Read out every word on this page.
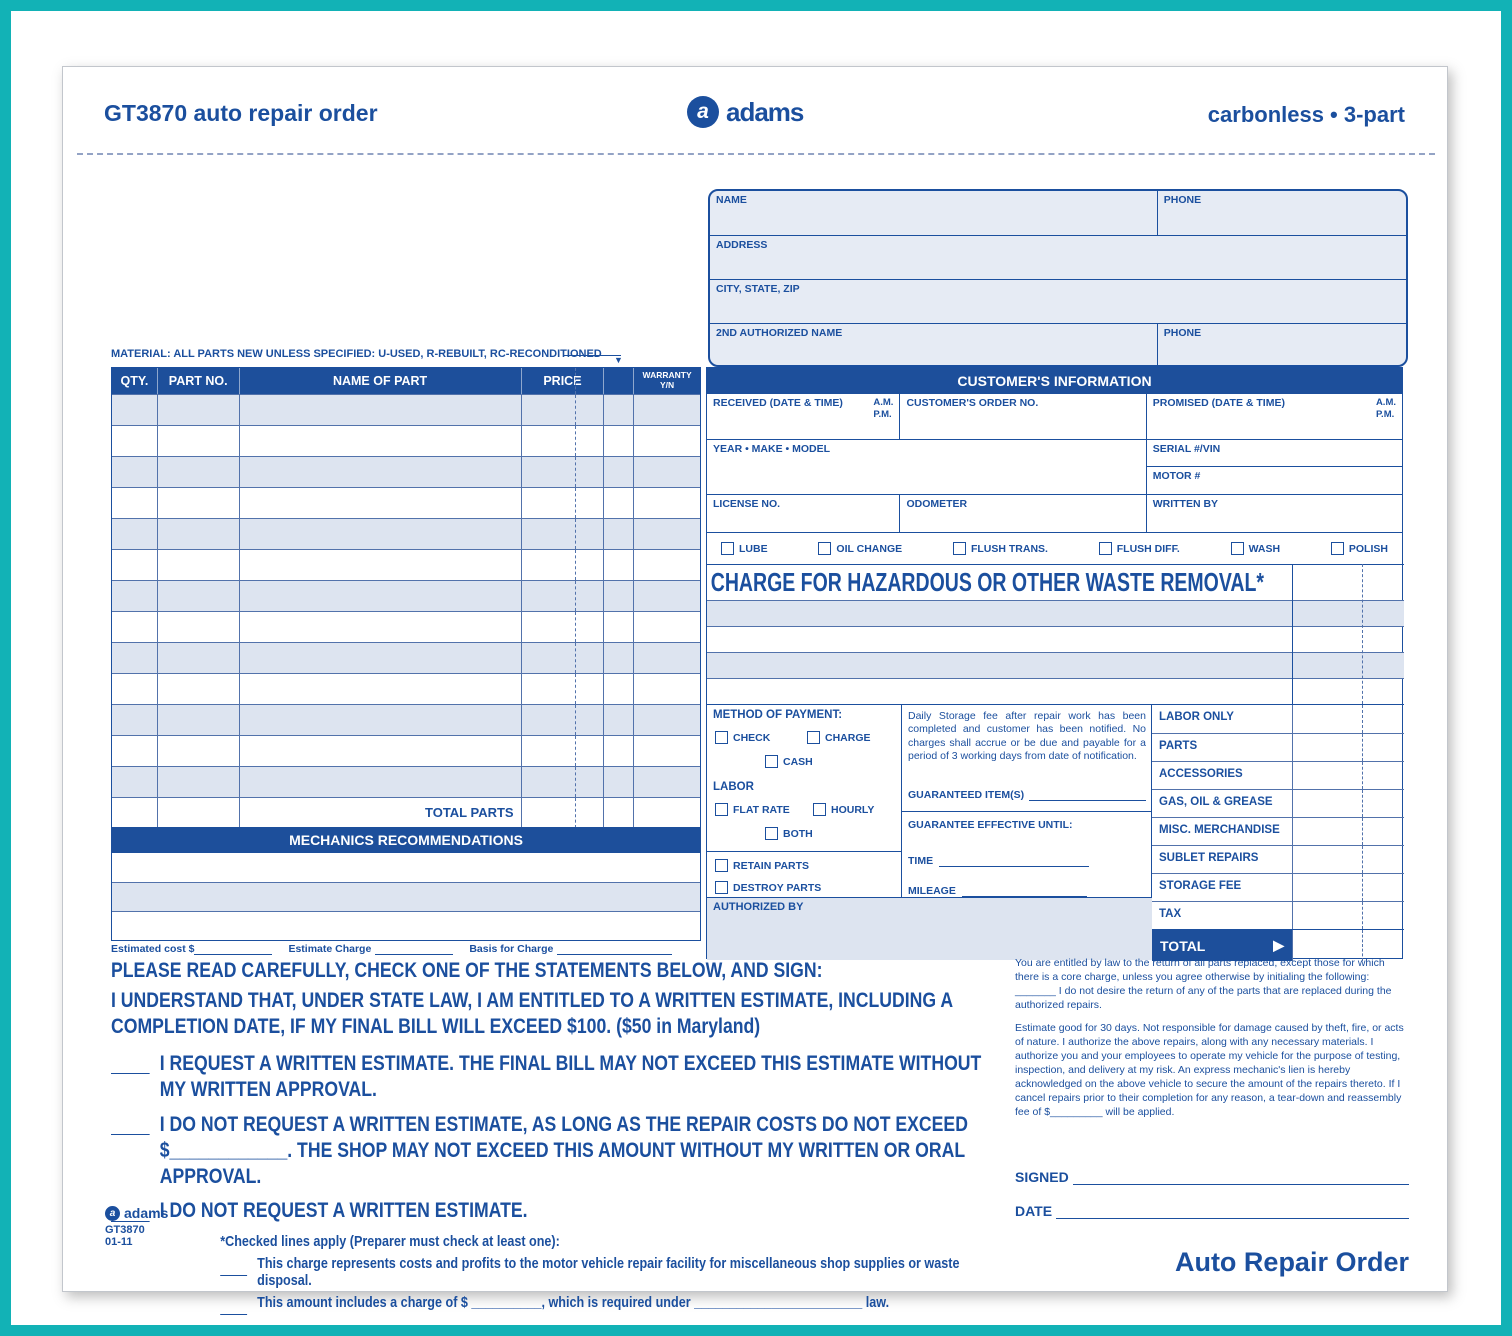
GT3870 auto repair order	a adams	carbonless • 3-part
NAME	PHONE
ADDRESS
CITY, STATE, ZIP
2ND AUTHORIZED NAME	PHONE
MATERIAL: ALL PARTS NEW UNLESS SPECIFIED: U-USED, R-REBUILT, RC-RECONDITIONED ▼
QTY.	PART NO.	NAME OF PART	PRICE	WARRANTY
Y/N
TOTAL PARTS
MECHANICS RECOMMENDATIONS
Estimated cost $	Estimate Charge	Basis for Charge
CUSTOMER'S INFORMATION
RECEIVED (DATE & TIME)	A.M.
P.M.
CUSTOMER'S ORDER NO.	PROMISED (DATE & TIME)	A.M.
P.M.
YEAR • MAKE • MODEL	SERIAL #/VIN
MOTOR #
LICENSE NO.	ODOMETER	WRITTEN BY
LUBE	OIL CHANGE	FLUSH TRANS.	FLUSH DIFF.	WASH	POLISH
CHARGE FOR HAZARDOUS OR OTHER WASTE REMOVAL*
METHOD OF PAYMENT:
CHECK	CHARGE
CASH
LABOR
FLAT RATE	HOURLY
BOTH
RETAIN PARTS
DESTROY PARTS

Daily Storage fee after repair work has been completed and customer has been notified. No charges shall accrue or be due and payable for a period of 3 working days from date of notification.

GUARANTEED ITEM(S)
GUARANTEE EFFECTIVE UNTIL:
TIME
MILEAGE
LABOR ONLY
PARTS
ACCESSORIES
GAS, OIL & GREASE
MISC. MERCHANDISE
SUBLET REPAIRS
STORAGE FEE
TAX
TOTAL	▶
AUTHORIZED BY
PLEASE READ CAREFULLY, CHECK ONE OF THE STATEMENTS BELOW, AND SIGN:
I UNDERSTAND THAT, UNDER STATE LAW, I AM ENTITLED TO A WRITTEN ESTIMATE, INCLUDING A COMPLETION DATE, IF MY FINAL BILL WILL EXCEED $100. ($50 in Maryland)
I REQUEST A WRITTEN ESTIMATE. THE FINAL BILL MAY NOT EXCEED THIS ESTIMATE WITHOUT MY WRITTEN APPROVAL.
I DO NOT REQUEST A WRITTEN ESTIMATE, AS LONG AS THE REPAIR COSTS DO NOT EXCEED $____________. THE SHOP MAY NOT EXCEED THIS AMOUNT WITHOUT MY WRITTEN OR ORAL APPROVAL.
I DO NOT REQUEST A WRITTEN ESTIMATE.
*Checked lines apply (Preparer must check at least one):
This charge represents costs and profits to the motor vehicle repair facility for miscellaneous shop supplies or waste disposal.
This amount includes a charge of $ __________, which is required under ________________________ law.
a adams
GT3870
01-11

You are entitled by law to the return of all parts replaced, except those for which there is a core charge, unless you agree otherwise by initialing the following: _______ I do not desire the return of any of the parts that are replaced during the authorized repairs.

Estimate good for 30 days. Not responsible for damage caused by theft, fire, or acts of nature. I authorize the above repairs, along with any necessary materials. I authorize you and your employees to operate my vehicle for the purpose of testing, inspection, and delivery at my risk. An express mechanic's lien is hereby acknowledged on the above vehicle to secure the amount of the repairs thereto. If I cancel repairs prior to their completion for any reason, a tear-down and reassembly fee of $_________ will be applied.

SIGNED
DATE
Auto Repair Order
